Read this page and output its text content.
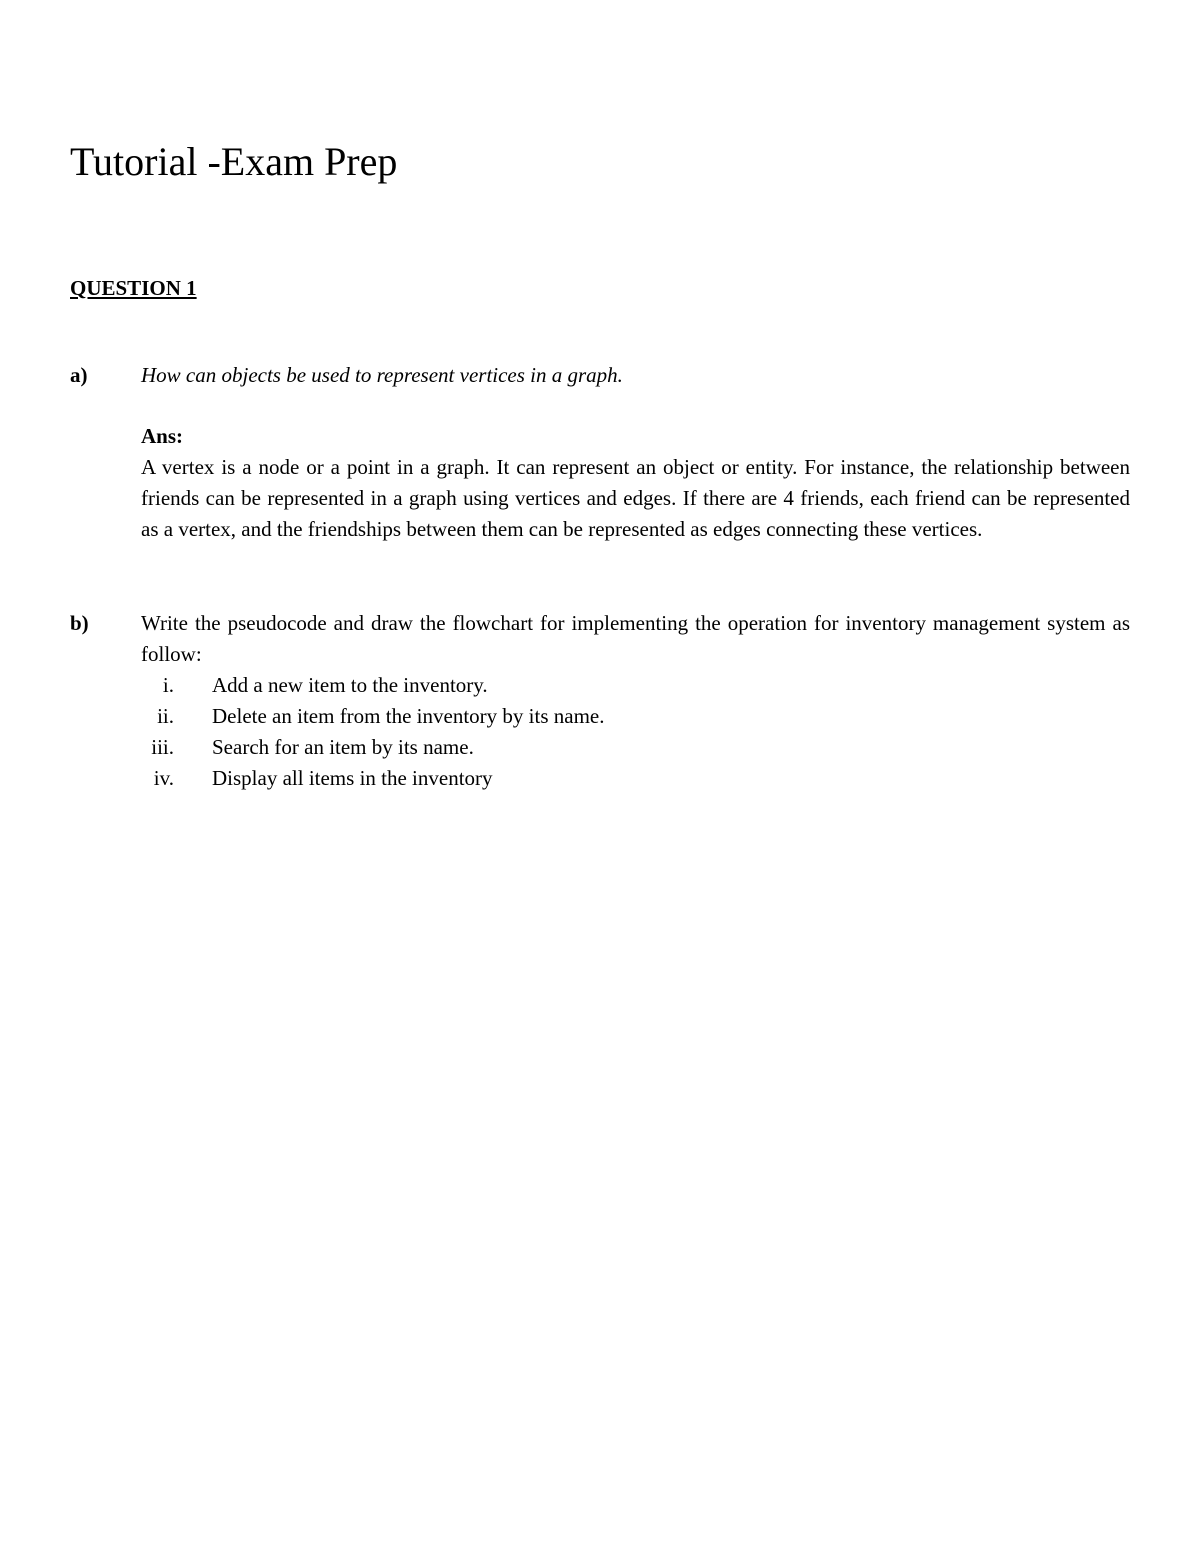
Tutorial -Exam Prep
QUESTION 1
a)	How can objects be used to represent vertices in a graph.
Ans:

A vertex is a node or a point in a graph. It can represent an object or entity. For instance, the relationship between friends can be represented in a graph using vertices and edges. If there are 4 friends, each friend can be represented as a vertex, and the friendships between them can be represented as edges connecting these vertices.

b) Write the pseudocode and draw the flowchart for implementing the operation for inventory management system as follow:

i. Add a new item to the inventory.
ii. Delete an item from the inventory by its name.
iii. Search for an item by its name.
iv. Display all items in the inventory
